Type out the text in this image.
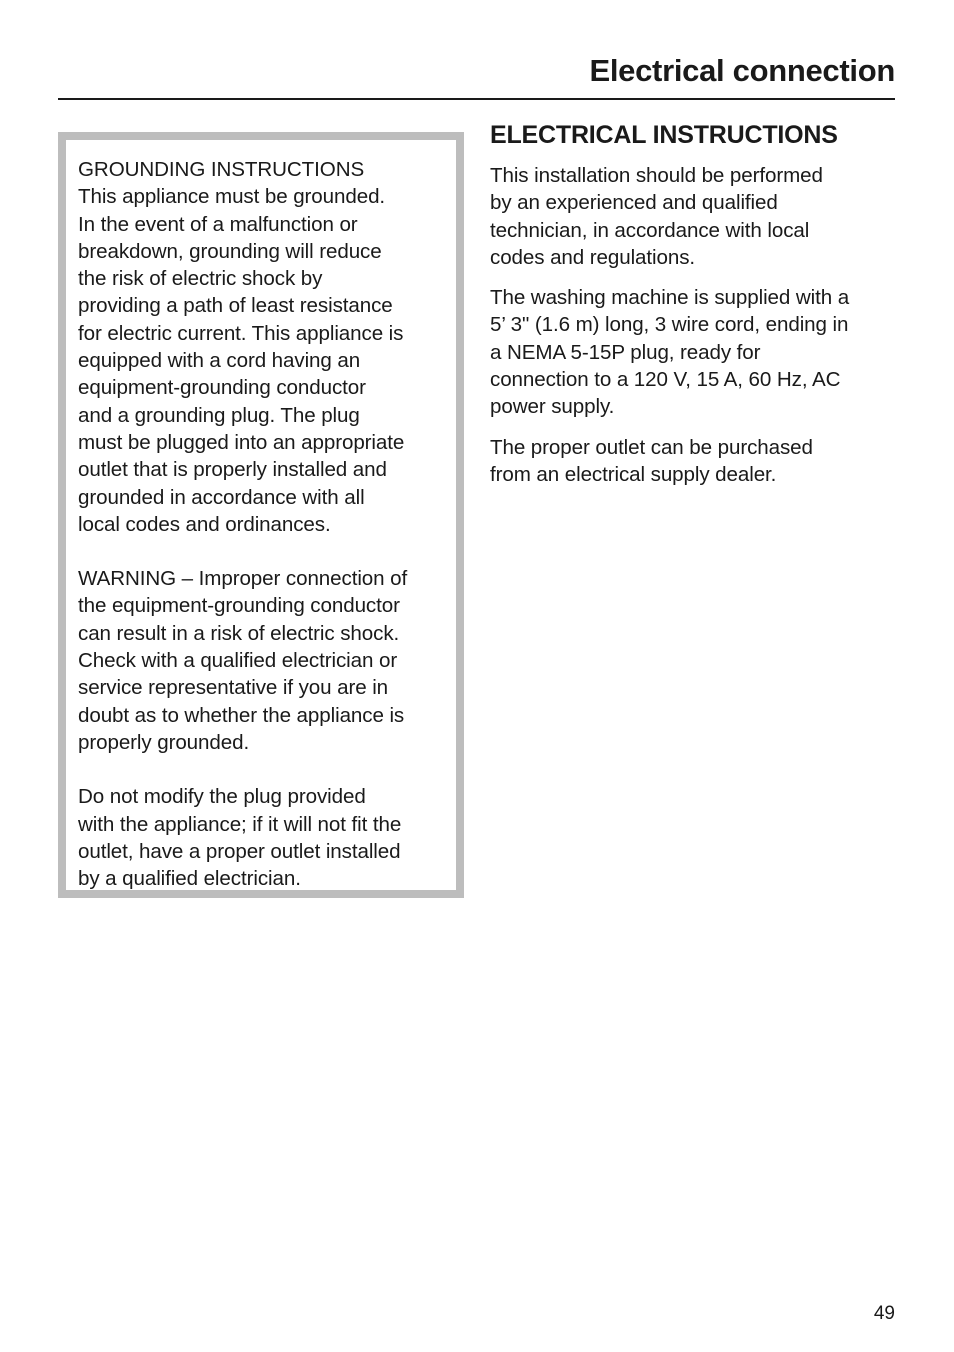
Electrical connection
GROUNDING INSTRUCTIONS
This appliance must be grounded.
In the event of a malfunction or
breakdown, grounding will reduce
the risk of electric shock by
providing a path of least resistance
for electric current. This appliance is
equipped with a cord having an
equipment-grounding conductor
and a grounding plug. The plug
must be plugged into an appropriate
outlet that is properly installed and
grounded in accordance with all
local codes and ordinances.
WARNING – Improper connection of
the equipment-grounding conductor
can result in a risk of electric shock.
Check with a qualified electrician or
service representative if you are in
doubt as to whether the appliance is
properly grounded.
Do not modify the plug provided
with the appliance; if it will not fit the
outlet, have a proper outlet installed
by a qualified electrician.
ELECTRICAL INSTRUCTIONS
This installation should be performed
by an experienced and qualified
technician, in accordance with local
codes and regulations.
The washing machine is supplied with a
5’ 3" (1.6 m) long, 3 wire cord, ending in
a NEMA 5-15P plug, ready for
connection to a 120 V, 15 A, 60 Hz, AC
power supply.
The proper outlet can be purchased
from an electrical supply dealer.
49
